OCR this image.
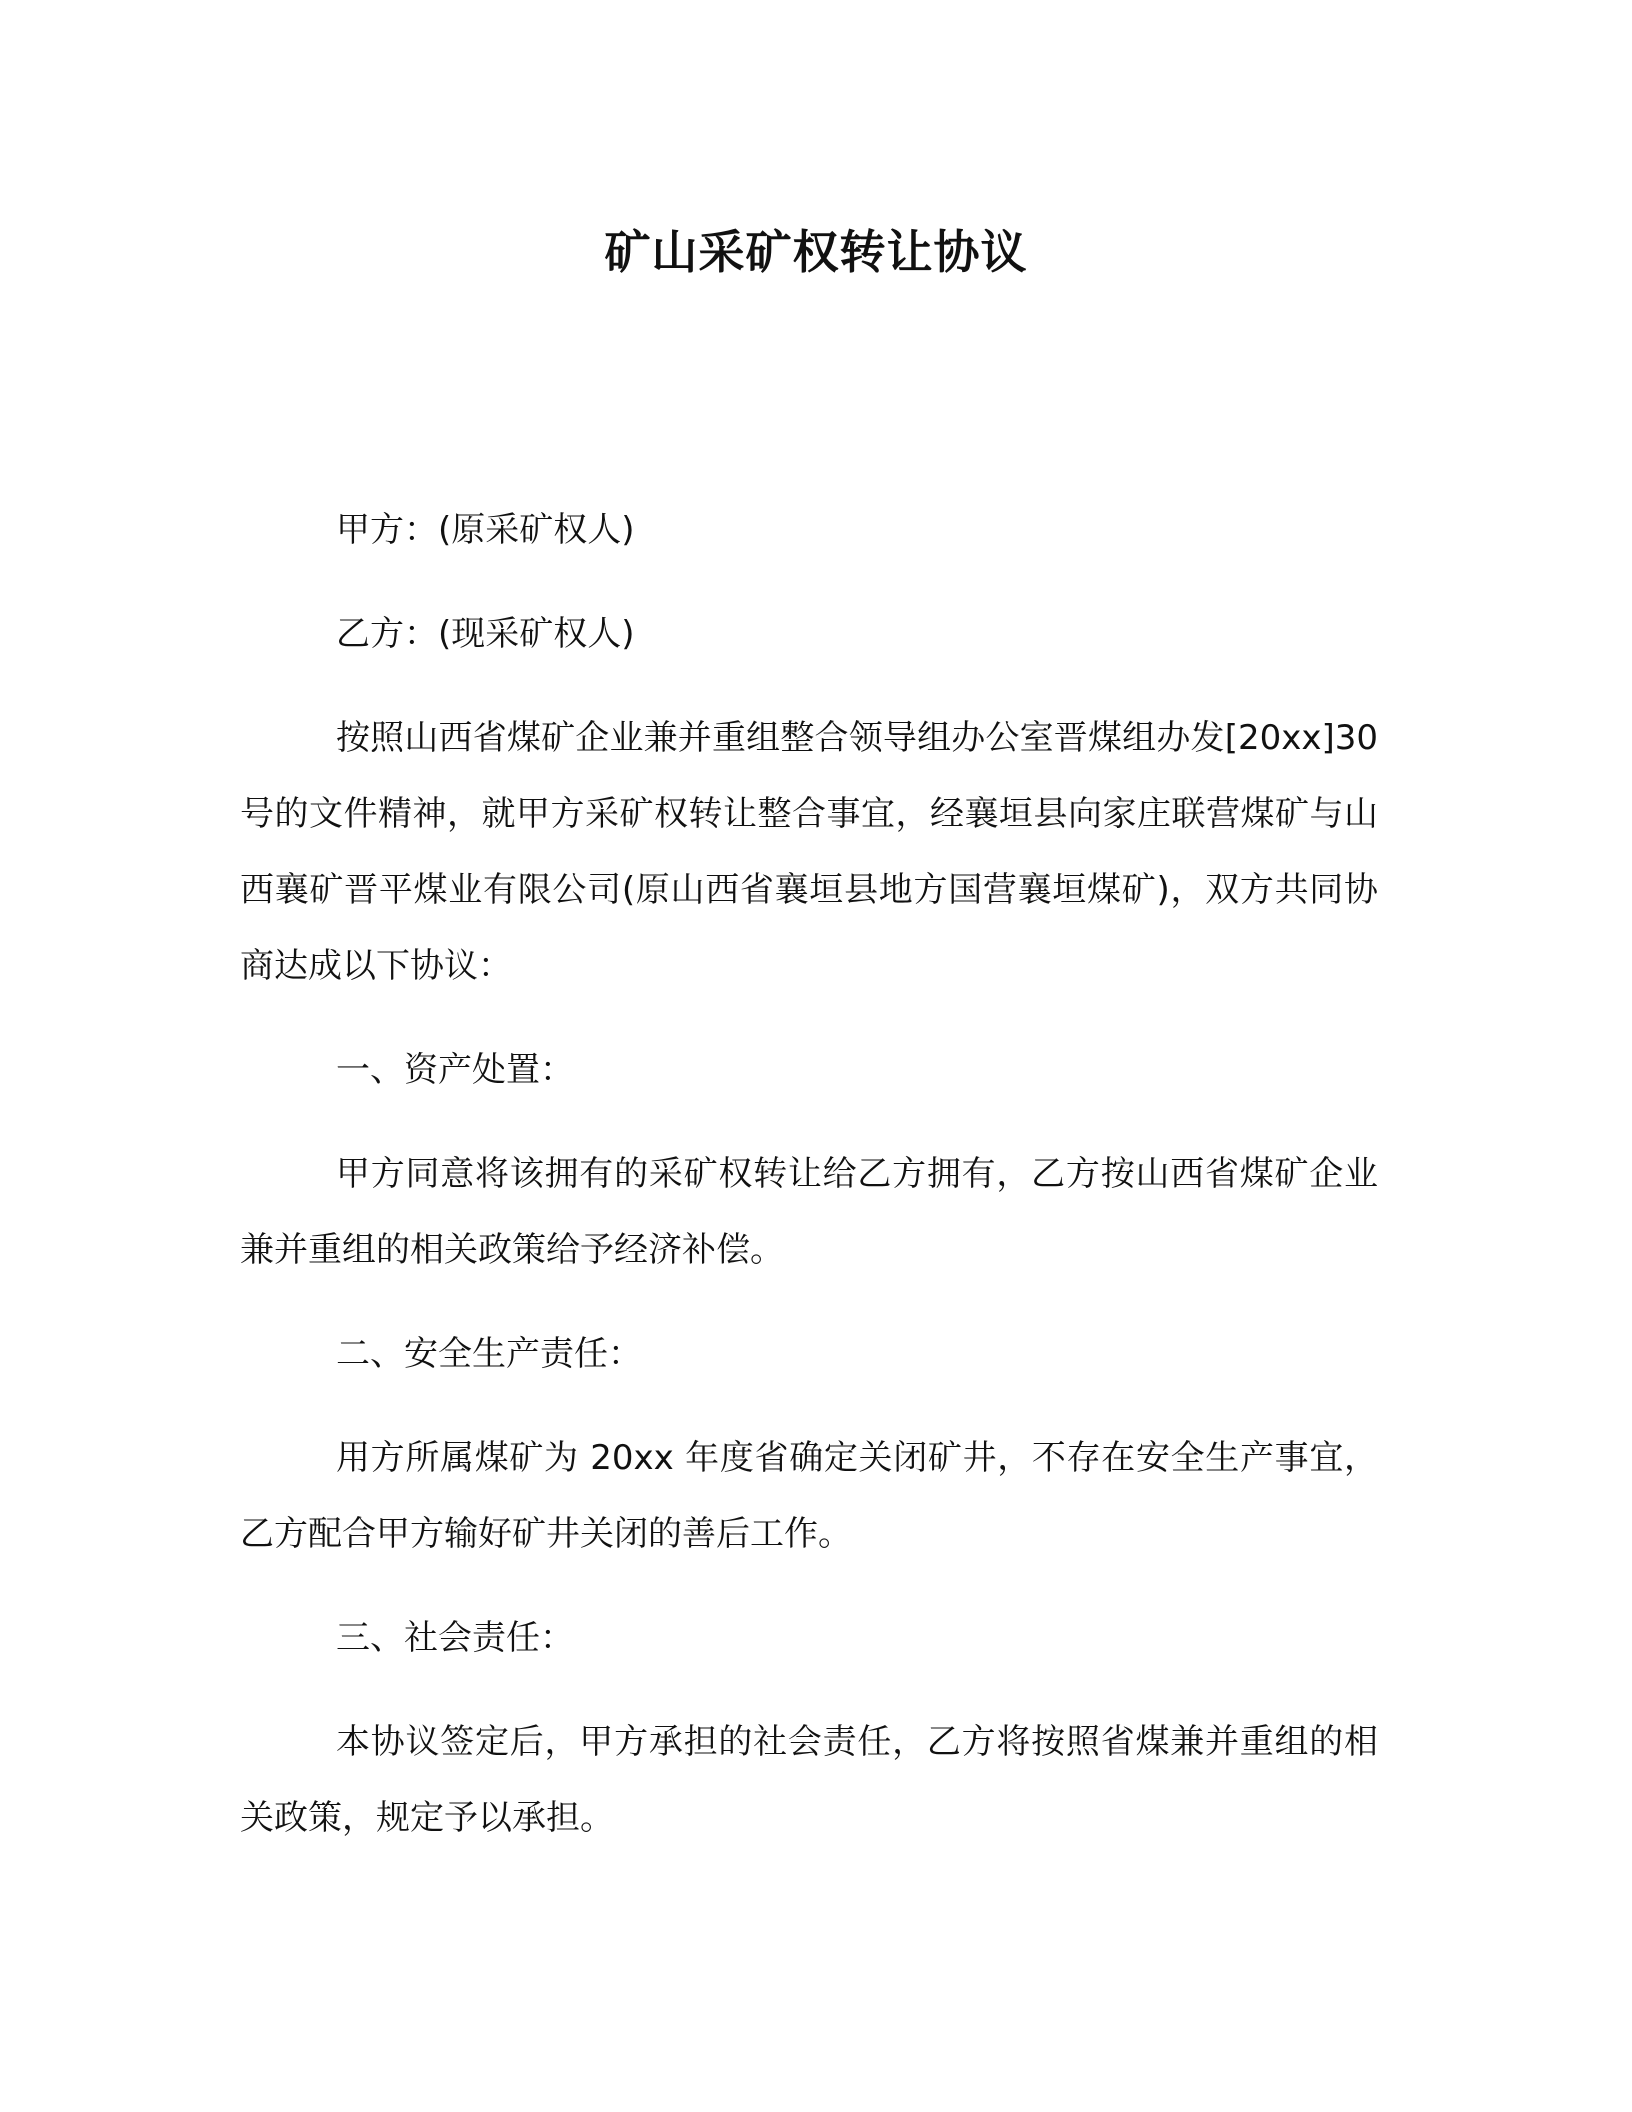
矿山采矿权转让协议

甲方：(原采矿权人)

乙方：(现采矿权人)

按照山西省煤矿企业兼并重组整合领导组办公室晋煤组办发[20xx]30 号的文件精神，就甲方采矿权转让整合事宜，经襄垣县向家庄联营煤矿与山西襄矿晋平煤业有限公司(原山西省襄垣县地方国营襄垣煤矿)，双方共同协商达成以下协议：

一、资产处置：

甲方同意将该拥有的采矿权转让给乙方拥有，乙方按山西省煤矿企业兼并重组的相关政策给予经济补偿。

二、安全生产责任：

用方所属煤矿为 20xx 年度省确定关闭矿井，不存在安全生产事宜，乙方配合甲方输好矿井关闭的善后工作。

三、社会责任：

本协议签定后，甲方承担的社会责任，乙方将按照省煤兼并重组的相关政策，规定予以承担。
